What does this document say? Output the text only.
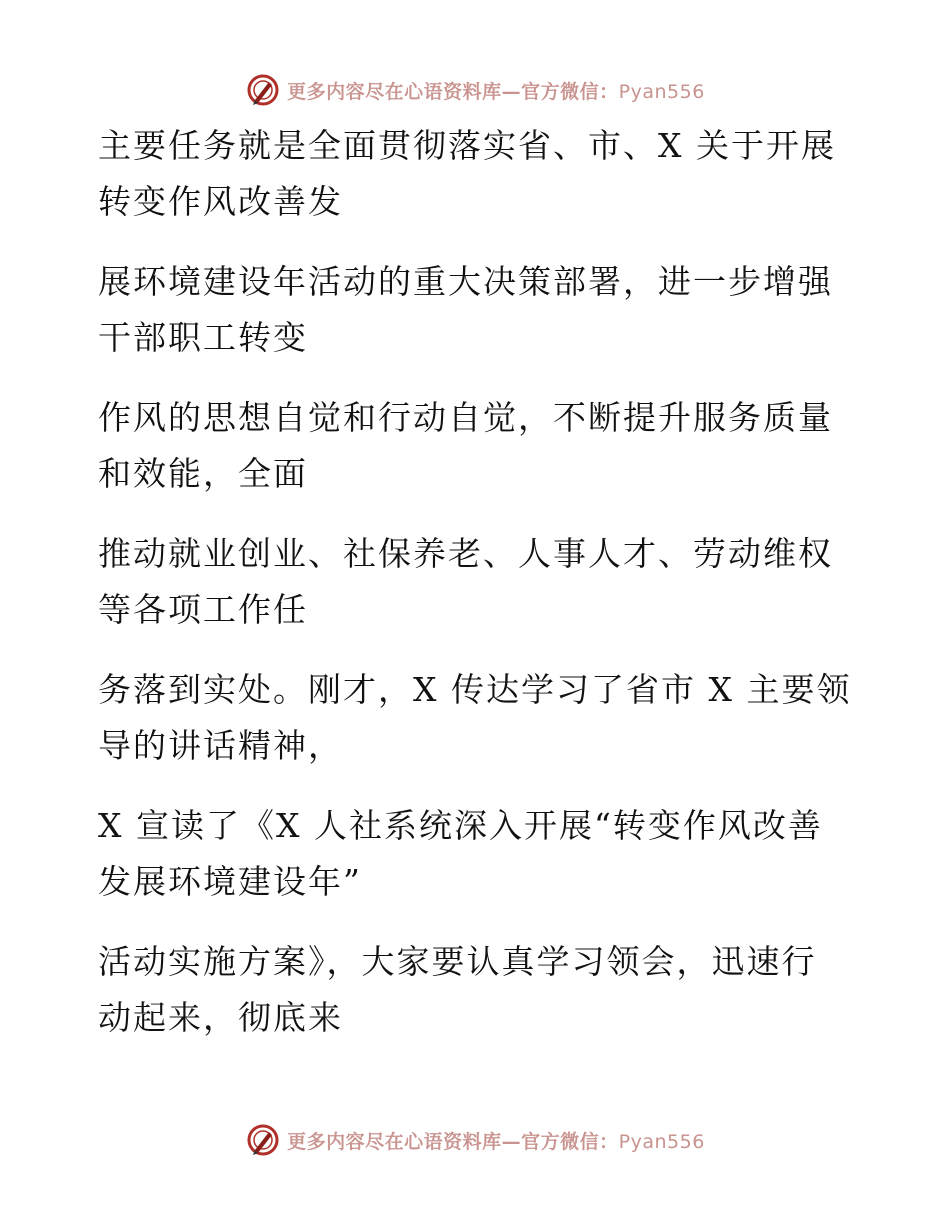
更多内容尽在心语资料库—官方微信：Pyan556

主要任务就是全面贯彻落实省、市、X 关于开展
转变作风改善发

展环境建设年活动的重大决策部署，进一步增强
干部职工转变

作风的思想自觉和行动自觉，不断提升服务质量
和效能，全面

推动就业创业、社保养老、人事人才、劳动维权
等各项工作任

务落到实处。刚才，X 传达学习了省市 X 主要领
导的讲话精神，

X 宣读了《X 人社系统深入开展“转变作风改善
发展环境建设年”

活动实施方案》，大家要认真学习领会，迅速行
动起来，彻底来

更多内容尽在心语资料库—官方微信：Pyan556
